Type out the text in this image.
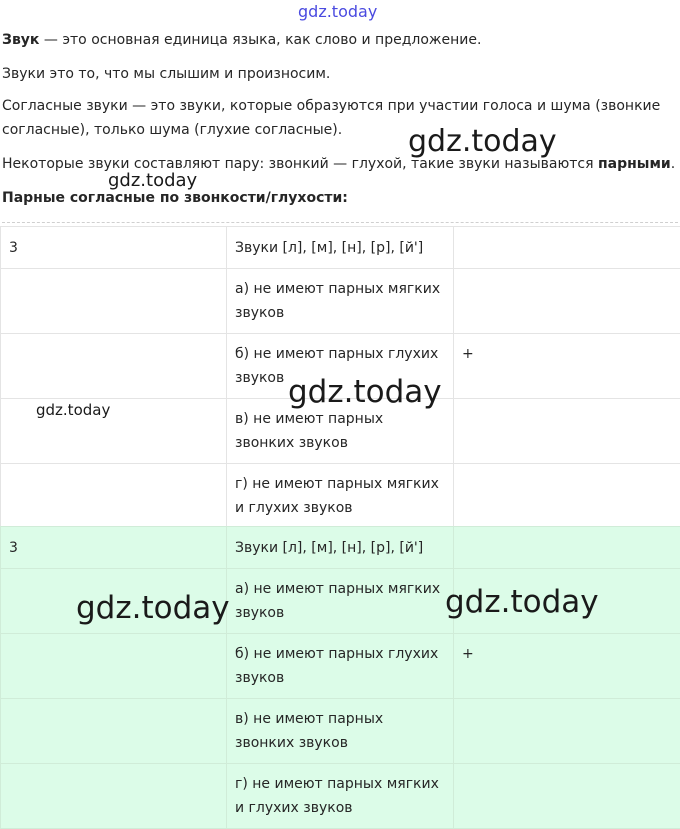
gdz.today

Звук — это основная единица языка, как слово и предложение.

Звуки это то, что мы слышим и произносим.

Согласные звуки — это звуки, которые образуются при участии голоса и шума (звонкие согласные), только шума (глухие согласные).

Некоторые звуки составляют пару: звонкий — глухой, такие звуки называются парными.

Парные согласные по звонкости/глухости:

3	Звуки [л], [м], [н], [р], [й']	
	а) не имеют парных мягких звуков	
	б) не имеют парных глухих звуков	+
	в) не имеют парных звонких звуков	
	г) не имеют парных мягких и глухих звуков	
3	Звуки [л], [м], [н], [р], [й']	
	а) не имеют парных мягких звуков	
	б) не имеют парных глухих звуков	+
	в) не имеют парных звонких звуков	
	г) не имеют парных мягких и глухих звуков	
gdz.today
gdz.today
gdz.today
gdz.today
gdz.today	gdz.today
